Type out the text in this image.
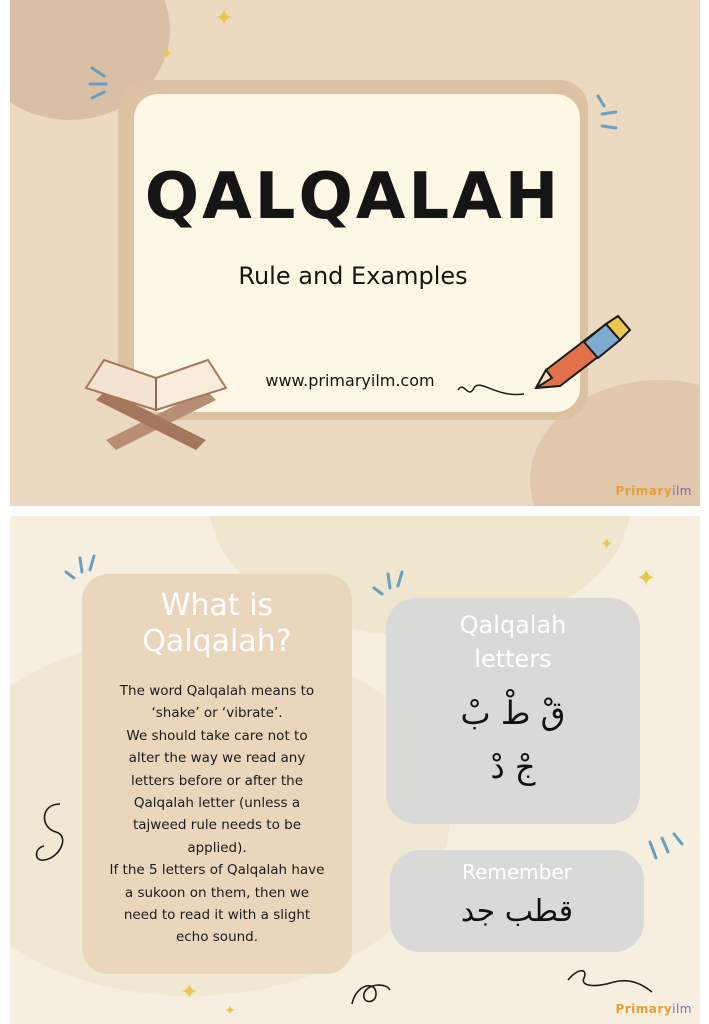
✦
✦
QALQALAH

Rule and Examples

www.primaryilm.com
Primaryilm
✦
✦
✦
✦
What is
Qalqalah?
The word Qalqalah means to
‘shake’ or ‘vibrate’.
We should take care not to
alter the way we read any
letters before or after the
Qalqalah letter (unless a
tajweed rule needs to be
applied).
If the 5 letters of Qalqalah have
a sukoon on them, then we
need to read it with a slight
echo sound.
Qalqalah
letters
قْ طْ بْ
جْ دْ
Remember
قطب جد
Primaryilm
